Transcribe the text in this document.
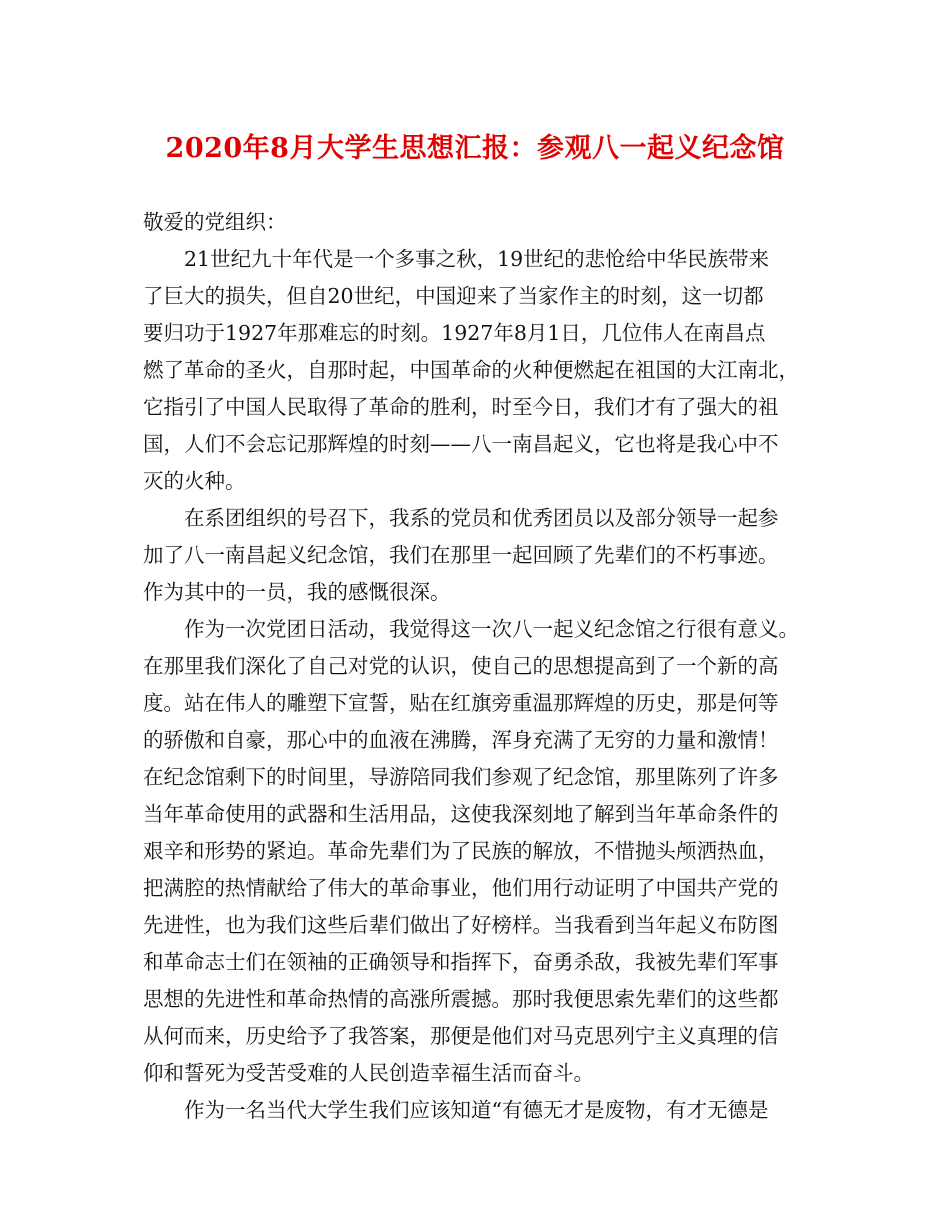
2020年8月大学生思想汇报：参观八一起义纪念馆
敬爱的党组织：
21世纪九十年代是一个多事之秋，19世纪的悲怆给中华民族带来
了巨大的损失，但自20世纪，中国迎来了当家作主的时刻，这一切都
要归功于1927年那难忘的时刻。1927年8月1日，几位伟人在南昌点
燃了革命的圣火，自那时起，中国革命的火种便燃起在祖国的大江南北，
它指引了中国人民取得了革命的胜利，时至今日，我们才有了强大的祖
国，人们不会忘记那辉煌的时刻——八一南昌起义，它也将是我心中不
灭的火种。
在系团组织的号召下，我系的党员和优秀团员以及部分领导一起参
加了八一南昌起义纪念馆，我们在那里一起回顾了先辈们的不朽事迹。
作为其中的一员，我的感慨很深。
作为一次党团日活动，我觉得这一次八一起义纪念馆之行很有意义。
在那里我们深化了自己对党的认识，使自己的思想提高到了一个新的高
度。站在伟人的雕塑下宣誓，贴在红旗旁重温那辉煌的历史，那是何等
的骄傲和自豪，那心中的血液在沸腾，浑身充满了无穷的力量和激情！
在纪念馆剩下的时间里，导游陪同我们参观了纪念馆，那里陈列了许多
当年革命使用的武器和生活用品，这使我深刻地了解到当年革命条件的
艰辛和形势的紧迫。革命先辈们为了民族的解放，不惜抛头颅洒热血，
把满腔的热情献给了伟大的革命事业，他们用行动证明了中国共产党的
先进性，也为我们这些后辈们做出了好榜样。当我看到当年起义布防图
和革命志士们在领袖的正确领导和指挥下，奋勇杀敌，我被先辈们军事
思想的先进性和革命热情的高涨所震撼。那时我便思索先辈们的这些都
从何而来，历史给予了我答案，那便是他们对马克思列宁主义真理的信
仰和誓死为受苦受难的人民创造幸福生活而奋斗。
作为一名当代大学生我们应该知道“有德无才是废物，有才无德是
